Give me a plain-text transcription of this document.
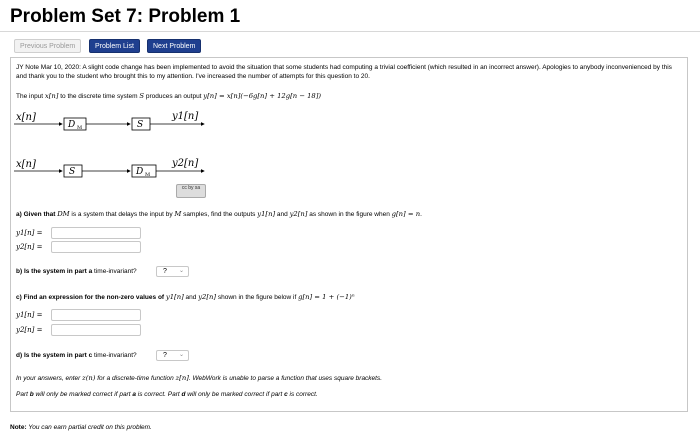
Problem Set 7: Problem 1
Previous Problem	Problem List	Next Problem
JY Note Mar 10, 2020: A slight code change has been implemented to avoid the situation that some students had computing a trivial coefficient (which resulted in an incorrect answer). Apologies to anybody inconvenienced by this and thank you to the student who brought this to my attention. I've increased the number of attempts for this question to 20.
The input x[n] to the discrete time system S produces an output y[n] = x[n](−6g[n] + 12g[n − 18])
x[n]
D M	S
y1[n]
x[n]
S	D M
y2[n]
cc by sa
a) Given that DM is a system that delays the input by M samples, find the outputs y1[n] and y2[n] as shown in the figure when g[n] = n.
y1[n] =
y2[n] =
b) Is the system in part a time-invariant?	? ⌄
c) Find an expression for the non-zero values of y1[n] and y2[n] shown in the figure below if g[n] = 1 + (−1)ⁿ
y1[n] =
y2[n] =
d) Is the system in part c time-invariant?	? ⌄
In your answers, enter z(n) for a discrete-time function z[n]. WebWork is unable to parse a function that uses square brackets.
Part b will only be marked correct if part a is correct. Part d will only be marked correct if part c is correct.
Note: You can earn partial credit on this problem.
